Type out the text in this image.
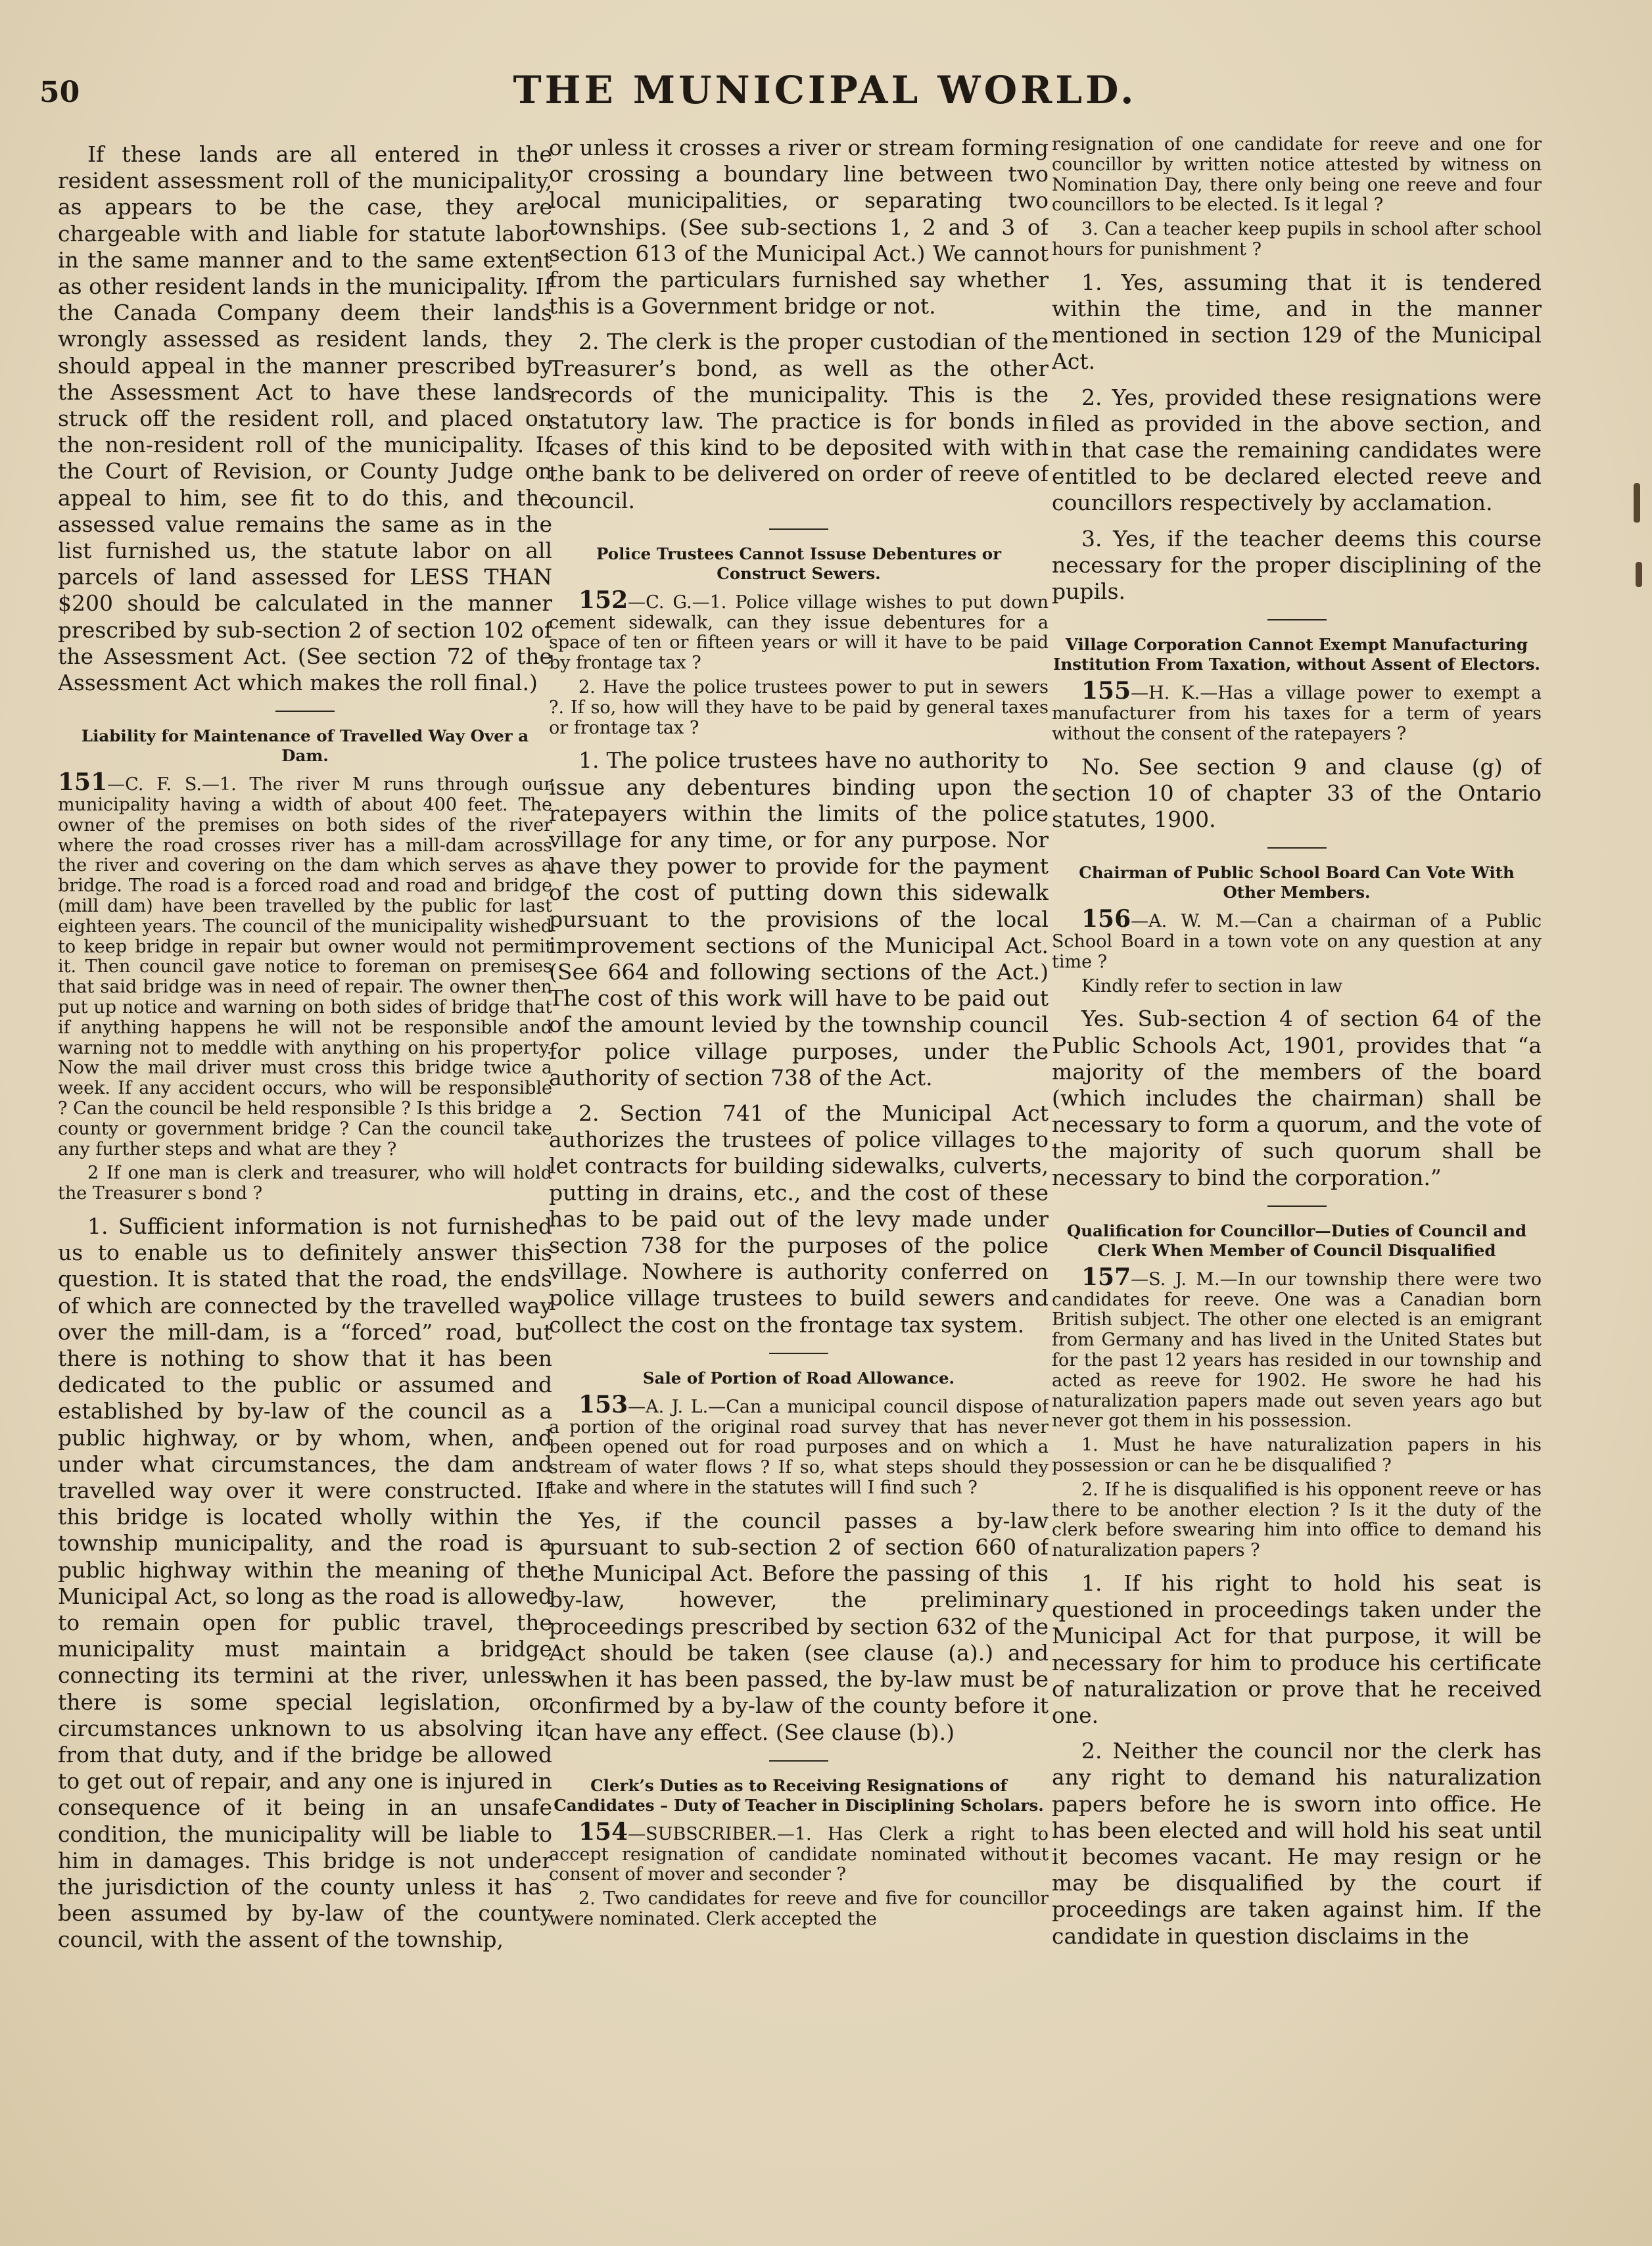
50	THE MUNICIPAL WORLD.

If these lands are all entered in the resident assessment roll of the municipality, as appears to be the case, they are chargeable with and liable for statute labor in the same manner and to the same extent as other resident lands in the municipality. If the Canada Company deem their lands wrongly assessed as resident lands, they should appeal in the manner prescribed by the Assessment Act to have these lands struck off the resident roll, and placed on the non-resident roll of the municipality. If the Court of Revision, or County Judge on appeal to him, see fit to do this, and the assessed value remains the same as in the list furnished us, the statute labor on all parcels of land assessed for LESS THAN $200 should be calculated in the manner prescribed by sub-section 2 of section 102 of the Assessment Act. (See section 72 of the Assessment Act which makes the roll final.)

Liability for Maintenance of Travelled Way Over a Dam.

151—C. F. S.—1. The river M runs through our municipality having a width of about 400 feet. The owner of the premises on both sides of the river where the road crosses river has a mill-dam across the river and covering on the dam which serves as a bridge. The road is a forced road and road and bridge (mill dam) have been travelled by the public for last eighteen years. The council of the municipality wished to keep bridge in repair but owner would not permit it. Then council gave notice to foreman on premises that said bridge was in need of repair. The owner then put up notice and warning on both sides of bridge that if anything happens he will not be responsible and warning not to meddle with anything on his property. Now the mail driver must cross this bridge twice a week. If any accident occurs, who will be responsible ? Can the council be held responsible ? Is this bridge a county or government bridge ? Can the council take any further steps and what are they ?

2 If one man is clerk and treasurer, who will hold the Treasurer s bond ?

1. Sufficient information is not furnished us to enable us to definitely answer this question. It is stated that the road, the ends of which are connected by the travelled way over the mill-dam, is a “forced” road, but there is nothing to show that it has been dedicated to the public or assumed and established by by-law of the council as a public highway, or by whom, when, and under what circumstances, the dam and travelled way over it were constructed. If this bridge is located wholly within the township municipality, and the road is a public highway within the meaning of the Municipal Act, so long as the road is allowed to remain open for public travel, the municipality must maintain a bridge connecting its termini at the river, unless there is some special legislation, or circumstances unknown to us absolving it from that duty, and if the bridge be allowed to get out of repair, and any one is injured in consequence of it being in an unsafe condition, the municipality will be liable to him in damages. This bridge is not under the jurisdiction of the county unless it has been assumed by by-law of the county council, with the assent of the township,

or unless it crosses a river or stream forming or crossing a boundary line between two local municipalities, or separating two townships. (See sub-sections 1, 2 and 3 of section 613 of the Municipal Act.) We cannot from the particulars furnished say whether this is a Government bridge or not.

2. The clerk is the proper custodian of the Treasurer’s bond, as well as the other records of the municipality. This is the statutory law. The practice is for bonds in cases of this kind to be deposited with with the bank to be delivered on order of reeve of council.

Police Trustees Cannot Issuse Debentures or Construct Sewers.

152—C. G.—1. Police village wishes to put down cement sidewalk, can they issue debentures for a space of ten or fifteen years or will it have to be paid by frontage tax ?

2. Have the police trustees power to put in sewers ?. If so, how will they have to be paid by general taxes or frontage tax ?

1. The police trustees have no authority to issue any debentures binding upon the ratepayers within the limits of the police village for any time, or for any purpose. Nor have they power to provide for the payment of the cost of putting down this sidewalk pursuant to the provisions of the local improvement sections of the Municipal Act. (See 664 and following sections of the Act.) The cost of this work will have to be paid out of the amount levied by the township council for police village purposes, under the authority of section 738 of the Act.

2. Section 741 of the Municipal Act authorizes the trustees of police villages to let contracts for building sidewalks, culverts, putting in drains, etc., and the cost of these has to be paid out of the levy made under section 738 for the purposes of the police village. Nowhere is authority conferred on police village trustees to build sewers and collect the cost on the frontage tax system.

Sale of Portion of Road Allowance.

153—A. J. L.—Can a municipal council dispose of a portion of the original road survey that has never been opened out for road purposes and on which a stream of water flows ? If so, what steps should they take and where in the statutes will I find such ?

Yes, if the council passes a by-law pursuant to sub-section 2 of section 660 of the Municipal Act. Before the passing of this by-law, however, the preliminary proceedings prescribed by section 632 of the Act should be taken (see clause (a).) and when it has been passed, the by-law must be confirmed by a by-law of the county before it can have any effect. (See clause (b).)

Clerk’s Duties as to Receiving Resignations of Candidates – Duty of Teacher in Disciplining Scholars.

154—SUBSCRIBER.—1. Has Clerk a right to accept resignation of candidate nominated without consent of mover and seconder ?

2. Two candidates for reeve and five for councillor were nominated. Clerk accepted the

resignation of one candidate for reeve and one for councillor by written notice attested by witness on Nomination Day, there only being one reeve and four councillors to be elected. Is it legal ?

3. Can a teacher keep pupils in school after school hours for punishment ?

1. Yes, assuming that it is tendered within the time, and in the manner mentioned in section 129 of the Municipal Act.

2. Yes, provided these resignations were filed as provided in the above section, and in that case the remaining candidates were entitled to be declared elected reeve and councillors respectively by acclamation.

3. Yes, if the teacher deems this course necessary for the proper disciplining of the pupils.

Village Corporation Cannot Exempt Manufacturing Institution From Taxation, without Assent of Electors.

155—H. K.—Has a village power to exempt a manufacturer from his taxes for a term of years without the consent of the ratepayers ?

No. See section 9 and clause (g) of section 10 of chapter 33 of the Ontario statutes, 1900.

Chairman of Public School Board Can Vote With Other Members.

156—A. W. M.—Can a chairman of a Public School Board in a town vote on any question at any time ?

Kindly refer to section in law

Yes. Sub-section 4 of section 64 of the Public Schools Act, 1901, provides that “a majority of the members of the board (which includes the chairman) shall be necessary to form a quorum, and the vote of the majority of such quorum shall be necessary to bind the corporation.”

Qualification for Councillor—Duties of Council and Clerk When Member of Council Disqualified

157—S. J. M.—In our township there were two candidates for reeve. One was a Canadian born British subject. The other one elected is an emigrant from Germany and has lived in the United States but for the past 12 years has resided in our township and acted as reeve for 1902. He swore he had his naturalization papers made out seven years ago but never got them in his possession.

1. Must he have naturalization papers in his possession or can he be disqualified ?

2. If he is disqualified is his opponent reeve or has there to be another election ? Is it the duty of the clerk before swearing him into office to demand his naturalization papers ?

1. If his right to hold his seat is questioned in proceedings taken under the Municipal Act for that purpose, it will be necessary for him to produce his certificate of naturalization or prove that he received one.

2. Neither the council nor the clerk has any right to demand his naturalization papers before he is sworn into office. He has been elected and will hold his seat until it becomes vacant. He may resign or he may be disqualified by the court if proceedings are taken against him. If the candidate in question disclaims in the
